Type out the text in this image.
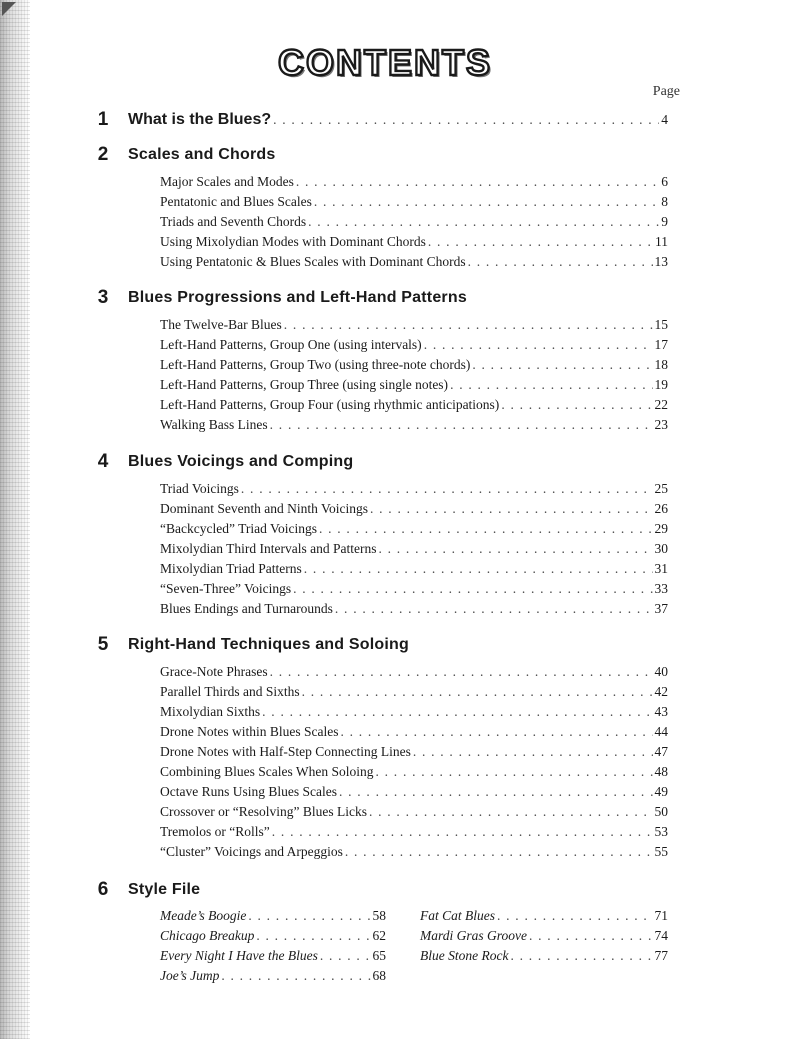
CONTENTS
Page
1 What is the Blues? . . .	4
2 Scales and Chords
Major Scales and Modes . . .	6
Pentatonic and Blues Scales . . .	8
Triads and Seventh Chords . . .	9
Using Mixolydian Modes with Dominant Chords . . .	11
Using Pentatonic & Blues Scales with Dominant Chords . . .	13
3 Blues Progressions and Left-Hand Patterns
The Twelve-Bar Blues . . .	15
Left-Hand Patterns, Group One (using intervals) . . .	17
Left-Hand Patterns, Group Two (using three-note chords) . . .	18
Left-Hand Patterns, Group Three (using single notes) . . .	19
Left-Hand Patterns, Group Four (using rhythmic anticipations) . . .	22
Walking Bass Lines . . .	23
4 Blues Voicings and Comping
Triad Voicings . . .	25
Dominant Seventh and Ninth Voicings . . .	26
“Backcycled” Triad Voicings . . .	29
Mixolydian Third Intervals and Patterns . . .	30
Mixolydian Triad Patterns . . .	31
“Seven-Three” Voicings . . .	33
Blues Endings and Turnarounds . . .	37
5 Right-Hand Techniques and Soloing
Grace-Note Phrases . . .	40
Parallel Thirds and Sixths . . .	42
Mixolydian Sixths . . .	43
Drone Notes within Blues Scales . . .	44
Drone Notes with Half-Step Connecting Lines . . .	47
Combining Blues Scales When Soloing . . .	48
Octave Runs Using Blues Scales . . .	49
Crossover or “Resolving” Blues Licks . . .	50
Tremolos or “Rolls” . . .	53
“Cluster” Voicings and Arpeggios . . .	55
6 Style File
Meade’s Boogie . . .	58
Chicago Breakup . . .	62
Every Night I Have the Blues . . .	65
Joe’s Jump . . .	68
Fat Cat Blues . . .	71
Mardi Gras Groove . . .	74
Blue Stone Rock . . .	77
